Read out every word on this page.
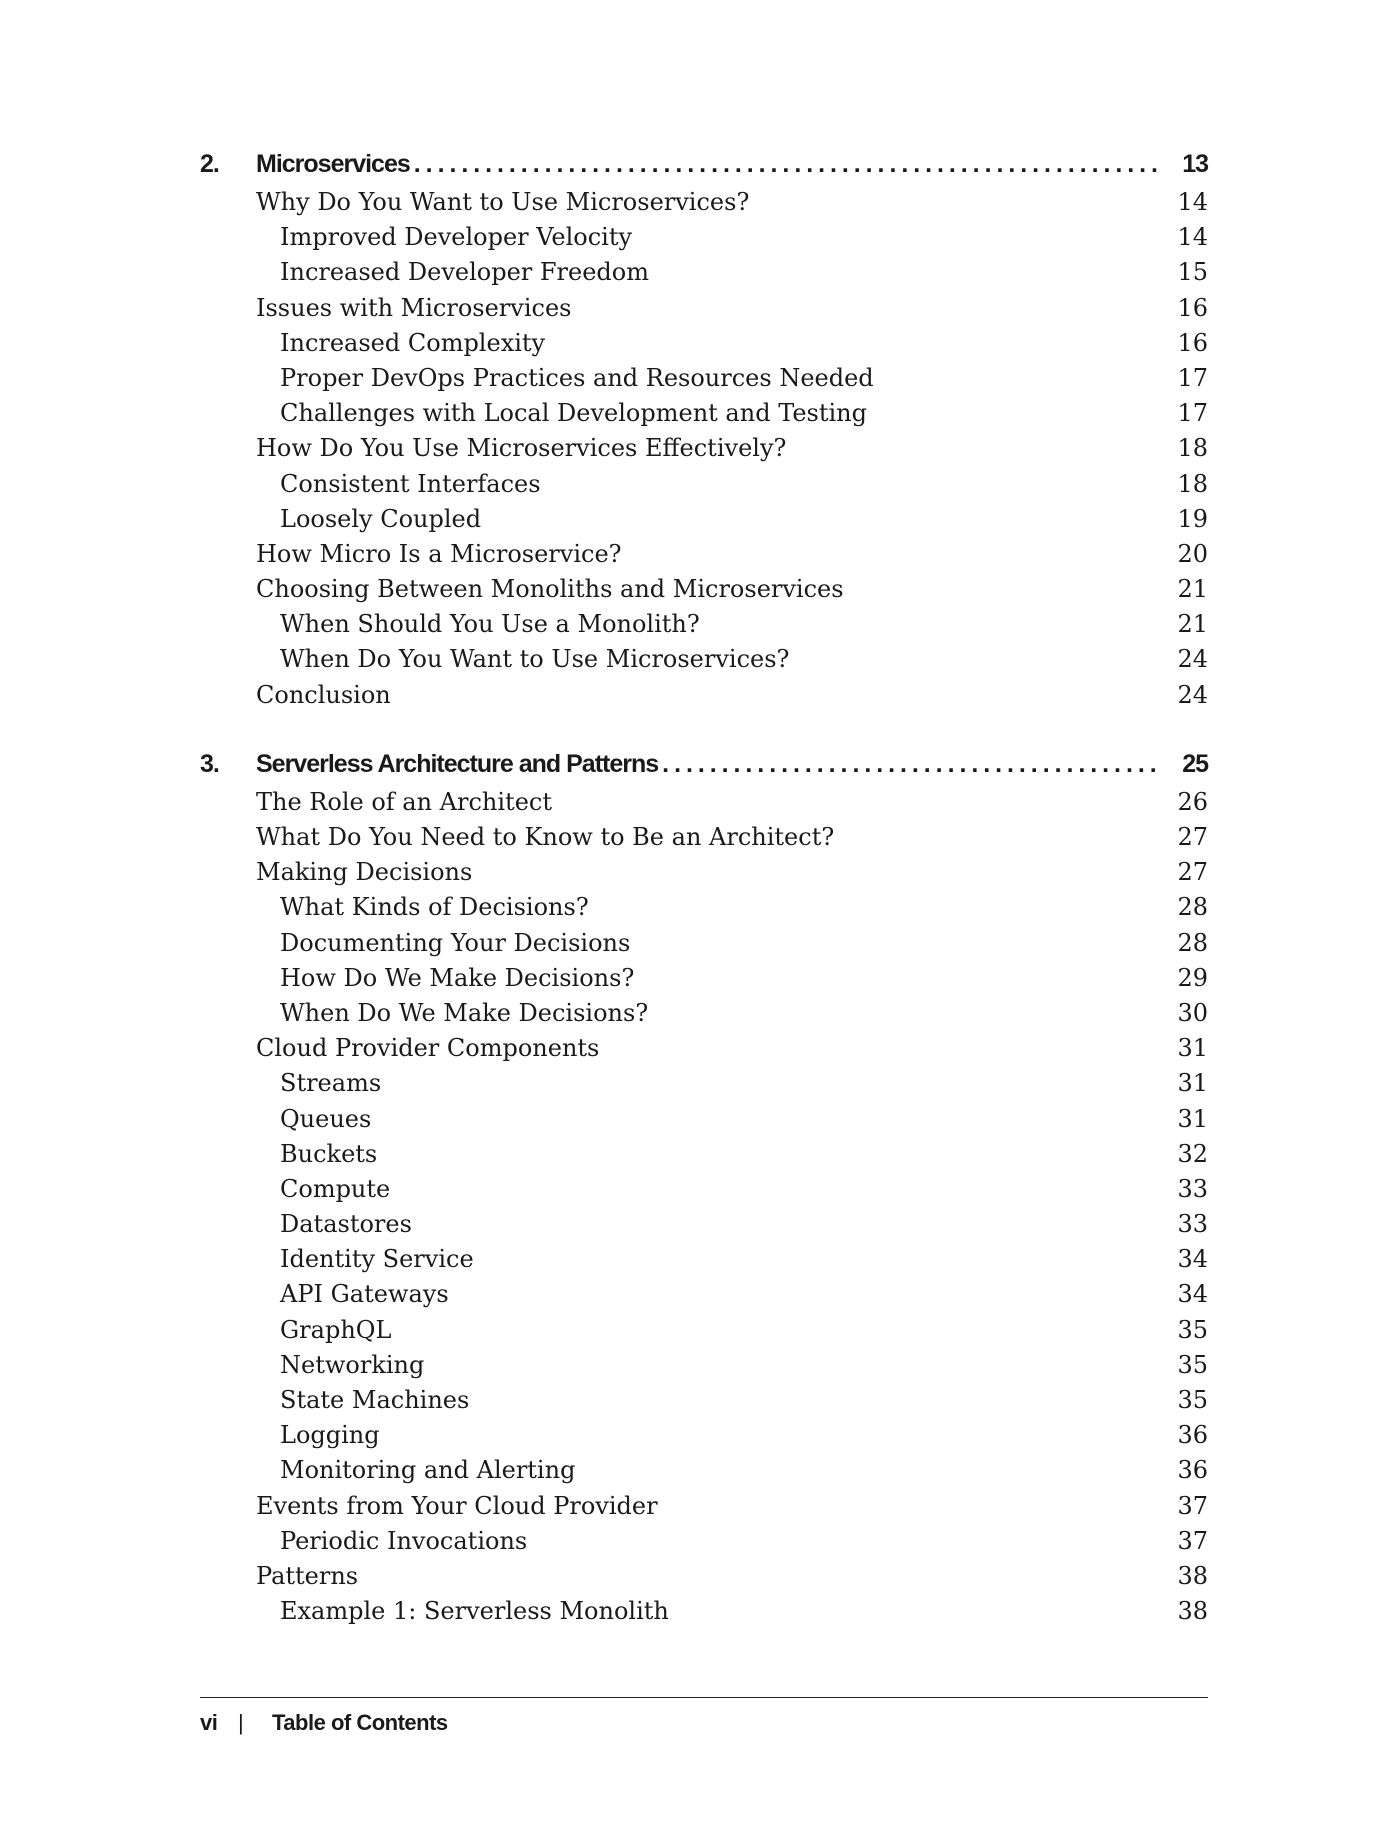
2.	Microservices . . .	13
Why Do You Want to Use Microservices?	14
Improved Developer Velocity	14
Increased Developer Freedom	15
Issues with Microservices	16
Increased Complexity	16
Proper DevOps Practices and Resources Needed	17
Challenges with Local Development and Testing	17
How Do You Use Microservices Effectively?	18
Consistent Interfaces	18
Loosely Coupled	19
How Micro Is a Microservice?	20
Choosing Between Monoliths and Microservices	21
When Should You Use a Monolith?	21
When Do You Want to Use Microservices?	24
Conclusion	24
3.	Serverless Architecture and Patterns . . .	25
The Role of an Architect	26
What Do You Need to Know to Be an Architect?	27
Making Decisions	27
What Kinds of Decisions?	28
Documenting Your Decisions	28
How Do We Make Decisions?	29
When Do We Make Decisions?	30
Cloud Provider Components	31
Streams	31
Queues	31
Buckets	32
Compute	33
Datastores	33
Identity Service	34
API Gateways	34
GraphQL	35
Networking	35
State Machines	35
Logging	36
Monitoring and Alerting	36
Events from Your Cloud Provider	37
Periodic Invocations	37
Patterns	38
Example 1: Serverless Monolith	38
vi |	Table of Contents
